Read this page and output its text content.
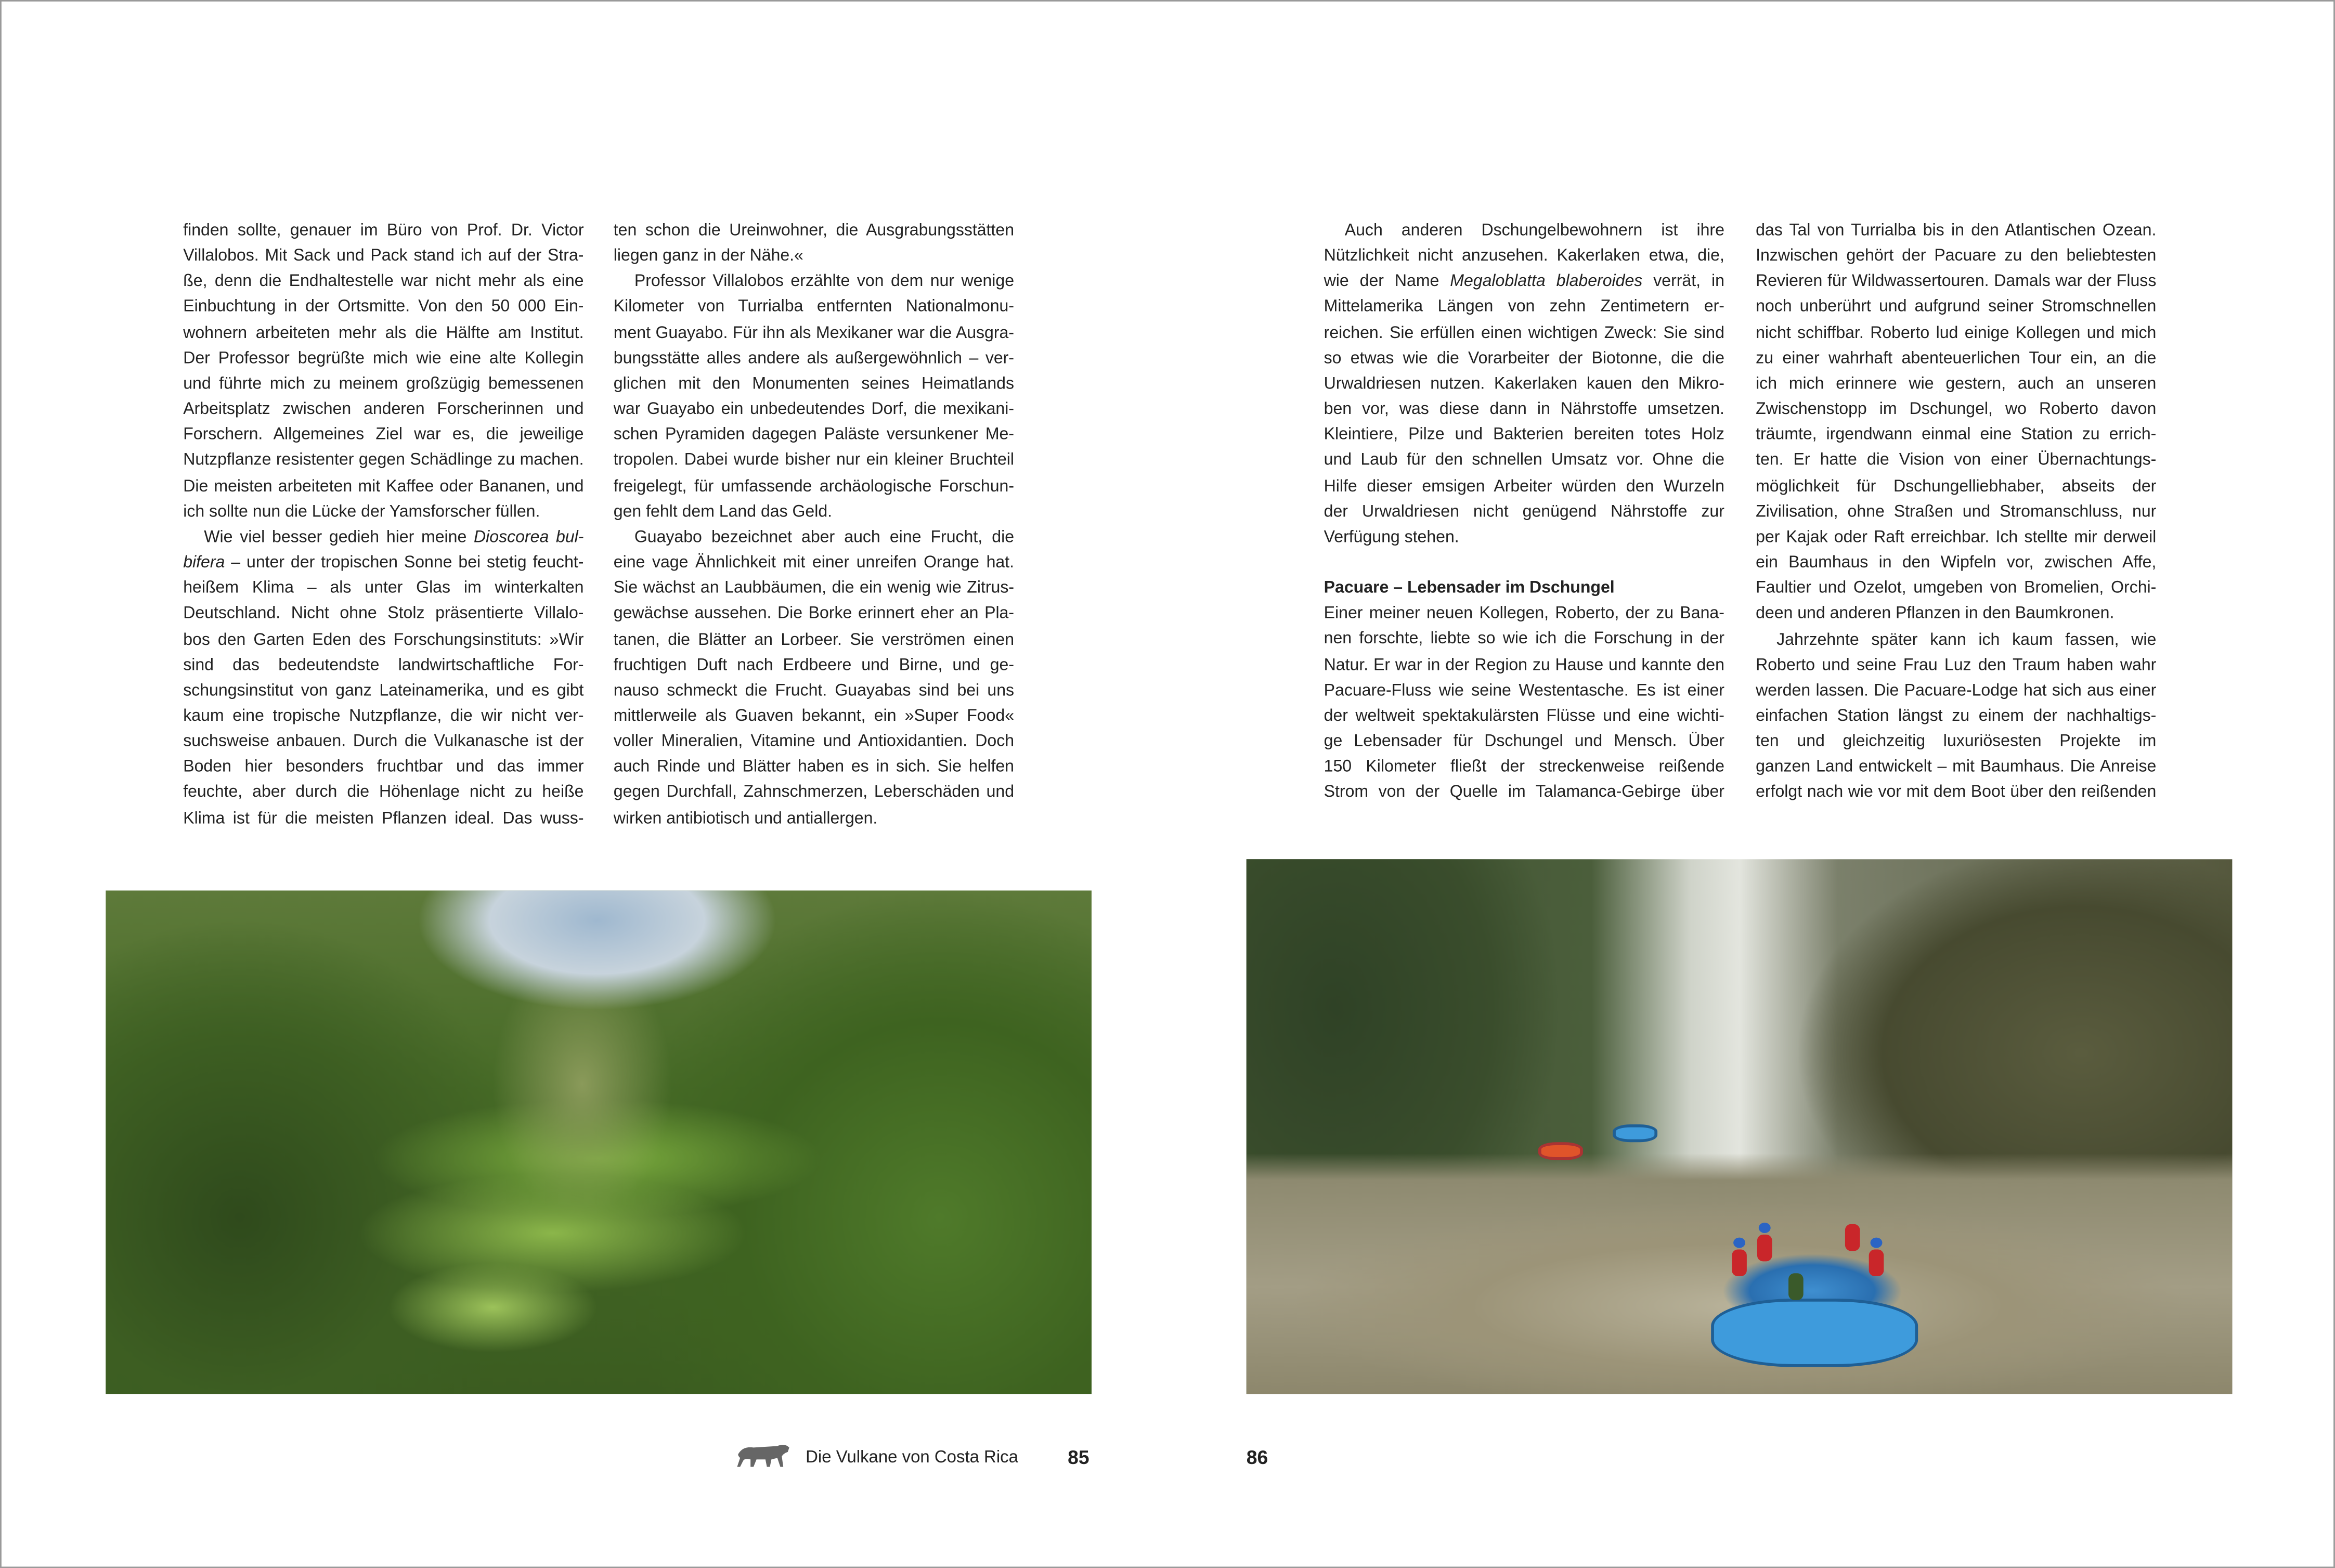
finden sollte, genauer im Büro von Prof. Dr. Victor
Villalobos. Mit Sack und Pack stand ich auf der Stra-
ße, denn die Endhaltestelle war nicht mehr als eine
Einbuchtung in der Ortsmitte. Von den 50 000 Ein-
wohnern arbeiteten mehr als die Hälfte am Institut.
Der Professor begrüßte mich wie eine alte Kollegin
und führte mich zu meinem großzügig bemessenen
Arbeitsplatz zwischen anderen Forscherinnen und
Forschern. Allgemeines Ziel war es, die jeweilige
Nutzpflanze resistenter gegen Schädlinge zu machen.
Die meisten arbeiteten mit Kaffee oder Bananen, und
ich sollte nun die Lücke der Yamsforscher füllen.
Wie viel besser gedieh hier meine Dioscorea bul-
bifera – unter der tropischen Sonne bei stetig feucht-
heißem Klima – als unter Glas im winterkalten
Deutschland. Nicht ohne Stolz präsentierte Villalo-
bos den Garten Eden des Forschungsinstituts: »Wir
sind das bedeutendste landwirtschaftliche For-
schungsinstitut von ganz Lateinamerika, und es gibt
kaum eine tropische Nutzpflanze, die wir nicht ver-
suchsweise anbauen. Durch die Vulkanasche ist der
Boden hier besonders fruchtbar und das immer
feuchte, aber durch die Höhenlage nicht zu heiße
Klima ist für die meisten Pflanzen ideal. Das wuss-
ten schon die Ureinwohner, die Ausgrabungsstätten
liegen ganz in der Nähe.«
Professor Villalobos erzählte von dem nur wenige
Kilometer von Turrialba entfernten Nationalmonu-
ment Guayabo. Für ihn als Mexikaner war die Ausgra-
bungsstätte alles andere als außergewöhnlich – ver-
glichen mit den Monumenten seines Heimatlands
war Guayabo ein unbedeutendes Dorf, die mexikani-
schen Pyramiden dagegen Paläste versunkener Me-
tropolen. Dabei wurde bisher nur ein kleiner Bruchteil
freigelegt, für umfassende archäologische Forschun-
gen fehlt dem Land das Geld.
Guayabo bezeichnet aber auch eine Frucht, die
eine vage Ähnlichkeit mit einer unreifen Orange hat.
Sie wächst an Laubbäumen, die ein wenig wie Zitrus-
gewächse aussehen. Die Borke erinnert eher an Pla-
tanen, die Blätter an Lorbeer. Sie verströmen einen
fruchtigen Duft nach Erdbeere und Birne, und ge-
nauso schmeckt die Frucht. Guayabas sind bei uns
mittlerweile als Guaven bekannt, ein »Super Food«
voller Mineralien, Vitamine und Antioxidantien. Doch
auch Rinde und Blätter haben es in sich. Sie helfen
gegen Durchfall, Zahnschmerzen, Leberschäden und
wirken antibiotisch und antiallergen.
Auch anderen Dschungelbewohnern ist ihre
Nützlichkeit nicht anzusehen. Kakerlaken etwa, die,
wie der Name Megaloblatta blaberoides verrät, in
Mittelamerika Längen von zehn Zentimetern er-
reichen. Sie erfüllen einen wichtigen Zweck: Sie sind
so etwas wie die Vorarbeiter der Biotonne, die die
Urwaldriesen nutzen. Kakerlaken kauen den Mikro-
ben vor, was diese dann in Nährstoffe umsetzen.
Kleintiere, Pilze und Bakterien bereiten totes Holz
und Laub für den schnellen Umsatz vor. Ohne die
Hilfe dieser emsigen Arbeiter würden den Wurzeln
der Urwaldriesen nicht genügend Nährstoffe zur
Verfügung stehen.
Pacuare – Lebensader im Dschungel
Einer meiner neuen Kollegen, Roberto, der zu Bana-
nen forschte, liebte so wie ich die Forschung in der
Natur. Er war in der Region zu Hause und kannte den
Pacuare-Fluss wie seine Westentasche. Es ist einer
der weltweit spektakulärsten Flüsse und eine wichti-
ge Lebensader für Dschungel und Mensch. Über
150 Kilometer fließt der streckenweise reißende
Strom von der Quelle im Talamanca-Gebirge über
das Tal von Turrialba bis in den Atlantischen Ozean.
Inzwischen gehört der Pacuare zu den beliebtesten
Revieren für Wildwassertouren. Damals war der Fluss
noch unberührt und aufgrund seiner Stromschnellen
nicht schiffbar. Roberto lud einige Kollegen und mich
zu einer wahrhaft abenteuerlichen Tour ein, an die
ich mich erinnere wie gestern, auch an unseren
Zwischenstopp im Dschungel, wo Roberto davon
träumte, irgendwann einmal eine Station zu errich-
ten. Er hatte die Vision von einer Übernachtungs-
möglichkeit für Dschungelliebhaber, abseits der
Zivilisation, ohne Straßen und Stromanschluss, nur
per Kajak oder Raft erreichbar. Ich stellte mir derweil
ein Baumhaus in den Wipfeln vor, zwischen Affe,
Faultier und Ozelot, umgeben von Bromelien, Orchi-
deen und anderen Pflanzen in den Baumkronen.
Jahrzehnte später kann ich kaum fassen, wie
Roberto und seine Frau Luz den Traum haben wahr
werden lassen. Die Pacuare-Lodge hat sich aus einer
einfachen Station längst zu einem der nachhaltigs-
ten und gleichzeitig luxuriösesten Projekte im
ganzen Land entwickelt – mit Baumhaus. Die Anreise
erfolgt nach wie vor mit dem Boot über den reißenden
Die Vulkane von Costa Rica	85	86
